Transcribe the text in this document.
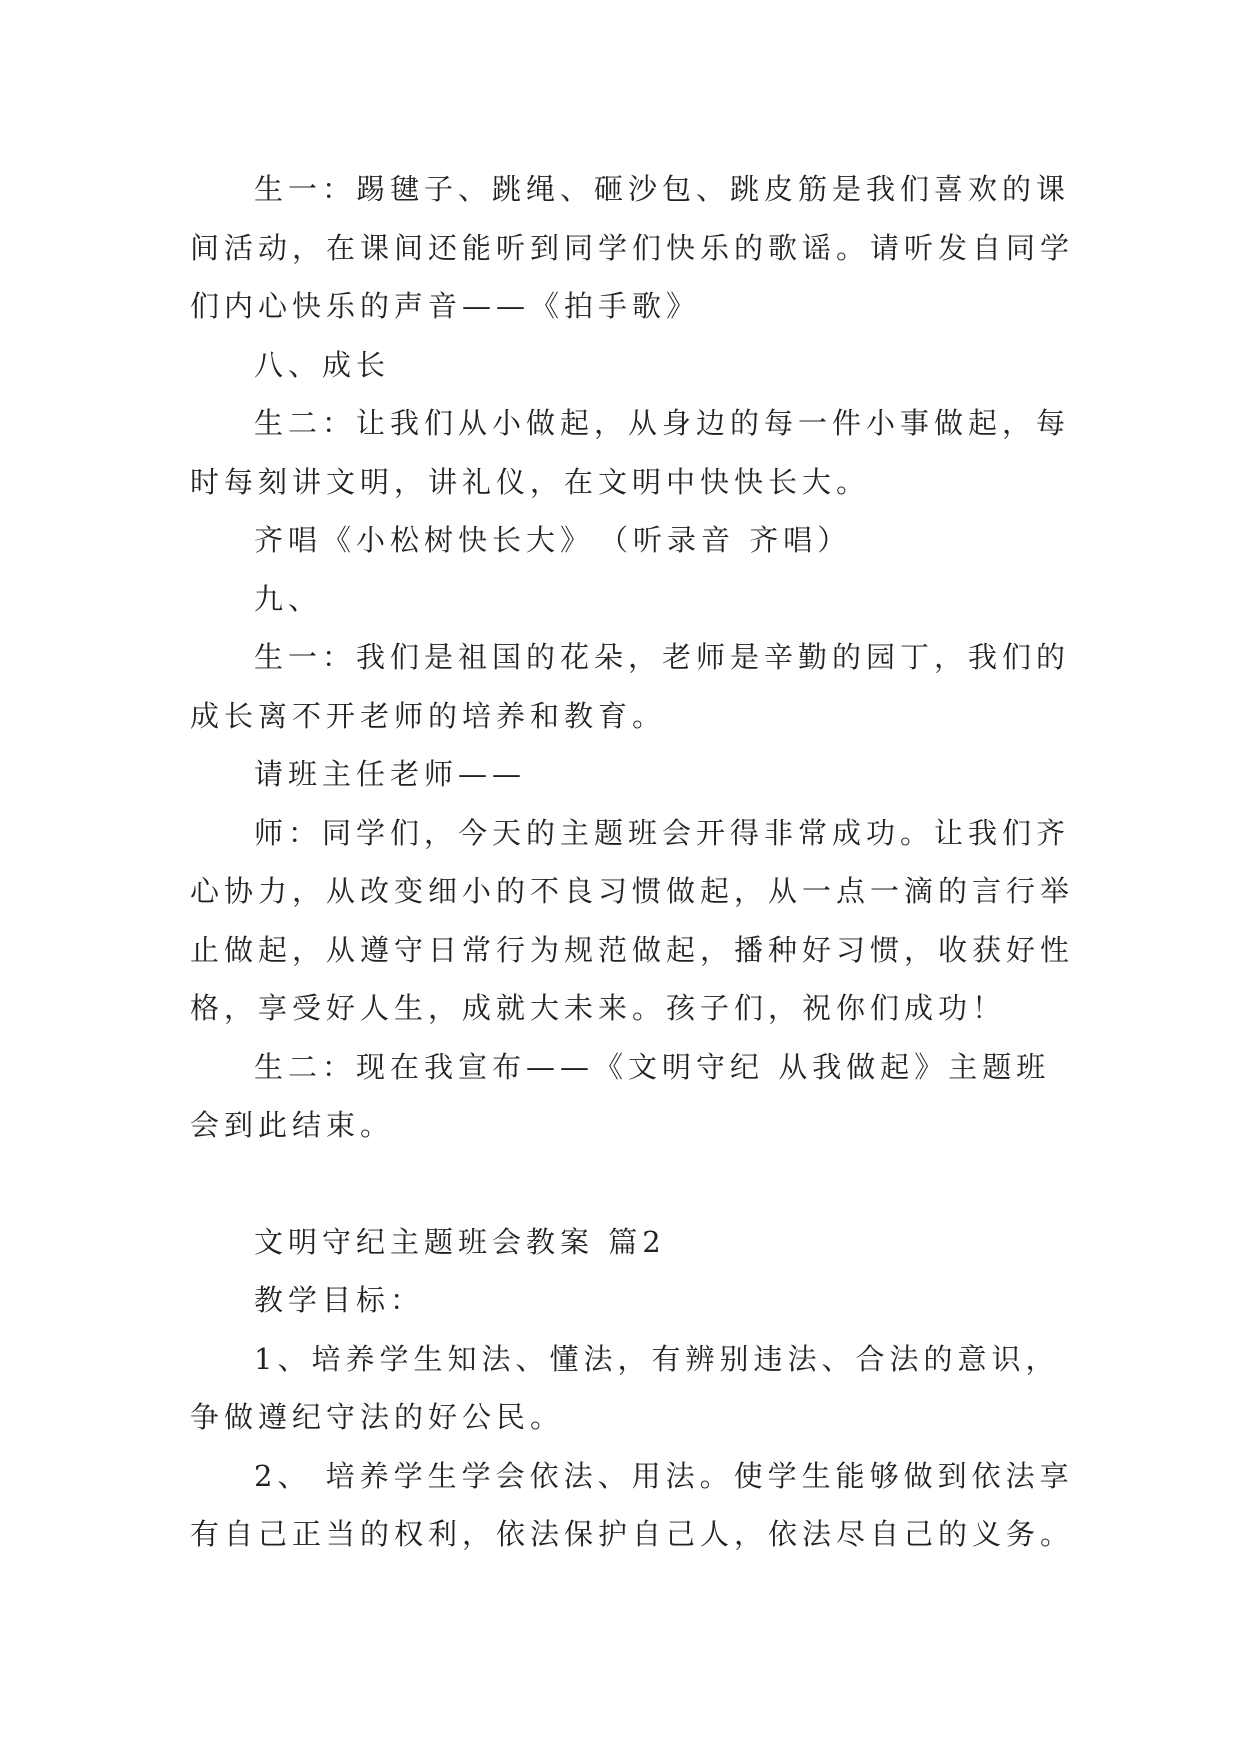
生一：踢毽子、跳绳、砸沙包、跳皮筋是我们喜欢的课间活动，在课间还能听到同学们快乐的歌谣。请听发自同学们内心快乐的声音——《拍手歌》

八、成长

生二：让我们从小做起，从身边的每一件小事做起，每时每刻讲文明，讲礼仪，在文明中快快长大。

齐唱《小松树快长大》　（听录音 齐唱）

九、

生一：我们是祖国的花朵，老师是辛勤的园丁，我们的成长离不开老师的培养和教育。

请班主任老师——

师：同学们，今天的主题班会开得非常成功。让我们齐心协力，从改变细小的不良习惯做起，从一点一滴的言行举止做起，从遵守日常行为规范做起，播种好习惯，收获好性格，享受好人生，成就大未来。孩子们，祝你们成功！

生二：现在我宣布——《文明守纪 从我做起》主题班会到此结束。

文明守纪主题班会教案 篇2

教学目标：

1、培养学生知法、懂法，有辨别违法、合法的意识，争做遵纪守法的好公民。

2、 培养学生学会依法、用法。使学生能够做到依法享有自己正当的权利，依法保护自己人，依法尽自己的义务。
